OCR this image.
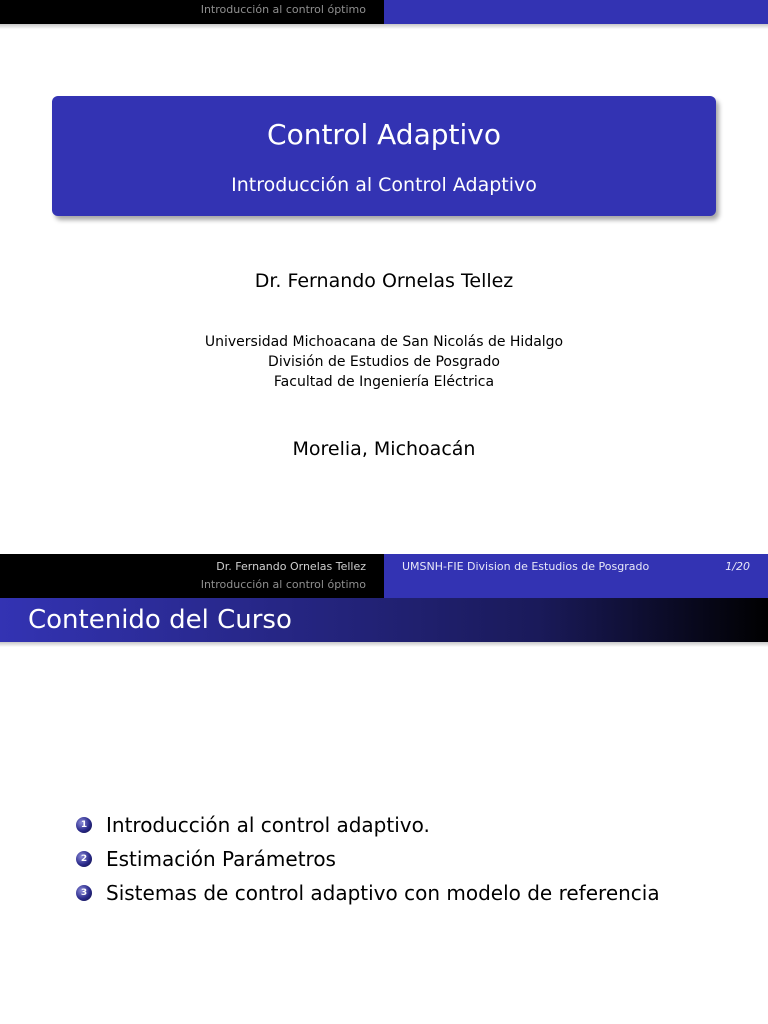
Introducción al control óptimo
Control Adaptivo
Introducción al Control Adaptivo
Dr. Fernando Ornelas Tellez
Universidad Michoacana de San Nicolás de Hidalgo
División de Estudios de Posgrado
Facultad de Ingeniería Eléctrica
Morelia, Michoacán
Dr. Fernando Ornelas Tellez
Introducción al control óptimo
UMSNH-FIE Division de Estudios de Posgrado	1/20
Contenido del Curso
1 Introducción al control adaptivo.
2 Estimación Parámetros
3 Sistemas de control adaptivo con modelo de referencia
